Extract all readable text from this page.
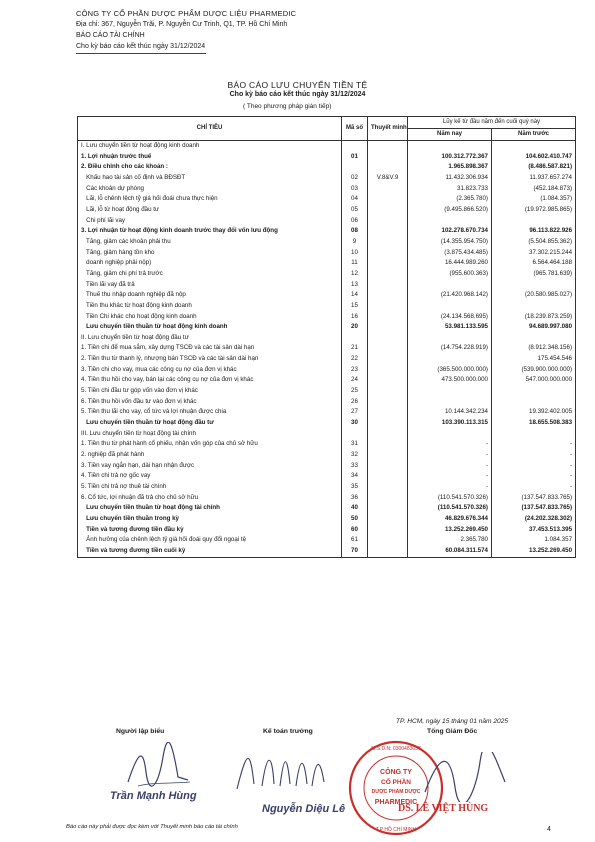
CÔNG TY CỔ PHẦN DƯỢC PHẨM DƯỢC LIỆU PHARMEDIC
Địa chỉ: 367, Nguyễn Trãi, P. Nguyễn Cư Trinh, Q1, TP. Hồ Chí Minh
BÁO CÁO TÀI CHÍNH
Cho kỳ báo cáo kết thúc ngày 31/12/2024
BÁO CÁO LƯU CHUYỂN TIỀN TỆ
Cho kỳ báo cáo kết thúc ngày 31/12/2024
( Theo phương pháp gián tiếp)
CHỈ TIÊU	Mã số	Thuyết minh	Lũy kế từ đầu năm đến cuối quý này	
			Năm nay	Năm trước
I. Lưu chuyển tiền từ hoạt động kinh doanh				
1. Lợi nhuận trước thuế	01		100.312.772.367	104.602.410.747
2. Điều chỉnh cho các khoản :			1.965.898.367	(8.486.587.821)
Khấu hao tài sản cố định và BĐSĐT	02	V.8&V.9	11.432.306.934	11.937.657.274
Các khoản dự phòng	03		31.823.733	(452.184.873)
Lãi, lỗ chênh lệch tỷ giá hối đoái chưa thực hiện	04		(2.365.780)	(1.084.357)
Lãi, lỗ từ hoạt động đầu tư	05		(9.495.866.520)	(19.972.985.865)
Chi phí lãi vay	06			
3. Lợi nhuận từ hoạt động kinh doanh trước thay đổi vốn lưu động	08		102.278.670.734	96.113.822.926
Tăng, giảm các khoản phải thu	9		(14.355.954.750)	(5.504.855.362)
Tăng, giảm hàng tồn kho	10		(3.875.434.485)	37.302.215.244
doanh nghiệp phải nộp)	11		16.444.989.260	6.564.464.188
Tăng, giảm chi phí trả trước	12		(955.600.363)	(965.781.639)
Tiền lãi vay đã trả	13			
Thuế thu nhập doanh nghiệp đã nộp	14		(21.420.968.142)	(20.580.985.027)
Tiền thu khác từ hoạt động kinh doanh	15			
Tiền Chi khác cho hoạt động kinh doanh	16		(24.134.568.695)	(18.239.873.259)
Lưu chuyển tiền thuần từ hoạt động kinh doanh	20		53.981.133.595	94.689.997.080
II. Lưu chuyển tiền từ hoạt động đầu tư				
1. Tiền chi để mua sắm, xây dựng TSCĐ và các tài sản dài hạn	21		(14.754.228.919)	(8.912.348.156)
2. Tiền thu từ thanh lý, nhượng bán TSCĐ và các tài sản dài hạn	22			175.454.546
3. Tiền chi cho vay, mua các công cụ nợ của đơn vị khác	23		(365.500.000.000)	(539.900.000.000)
4. Tiền thu hồi cho vay, bán lại các công cụ nợ của đơn vị khác	24		473.500.000.000	547.000.000.000
5. Tiền chi đầu tư góp vốn vào đơn vị khác	25			
6. Tiền thu hồi vốn đầu tư vào đơn vị khác	26			
5. Tiền thu lãi cho vay, cổ tức và lợi nhuận được chia	27		10.144.342.234	19.392.402.005
Lưu chuyển tiền thuần từ hoạt động đầu tư	30		103.390.113.315	18.655.508.383
III. Lưu chuyển tiền từ hoạt động tài chính				
1. Tiền thu từ phát hành cổ phiếu, nhận vốn góp của chủ sở hữu	31		-	-
2. nghiệp đã phát hành	32		-	-
3. Tiền vay ngắn hạn, dài hạn nhận được	33		-	-
4. Tiền chi trả nợ gốc vay	34		-	-
5. Tiền chi trả nợ thuê tài chính	35		-	-
6. Cổ tức, lợi nhuận đã trả cho chủ sở hữu	36		(110.541.570.326)	(137.547.833.765)
Lưu chuyển tiền thuần từ hoạt động tài chính	40		(110.541.570.326)	(137.547.833.765)
Lưu chuyển tiền thuần trong kỳ	50		46.829.676.344	(24.202.328.302)
Tiền và tương đương tiền đầu kỳ	60		13.252.269.450	37.453.513.395
Ảnh hưởng của chênh lệch tỷ giá hối đoái quy đổi ngoại tệ	61		2.365.780	1.084.357
Tiền và tương đương tiền cuối kỳ	70		60.084.311.574	13.252.269.450
TP. HCM, ngày 15 tháng 01 năm 2025
Người lập biểu	Kế toán trưởng	Tổng Giám Đốc
Trần Mạnh Hùng
Nguyễn Diệu Lê
CÔNG TY
CỔ PHẦN
DƯỢC PHẨM DƯỢC
PHARMEDIC
M.S.D.N: 0300483037
T.P HỒ CHÍ MINH
DS. LÊ VIỆT HÙNG
Báo cáo này phải được đọc kèm với Thuyết minh báo cáo tài chính	4
